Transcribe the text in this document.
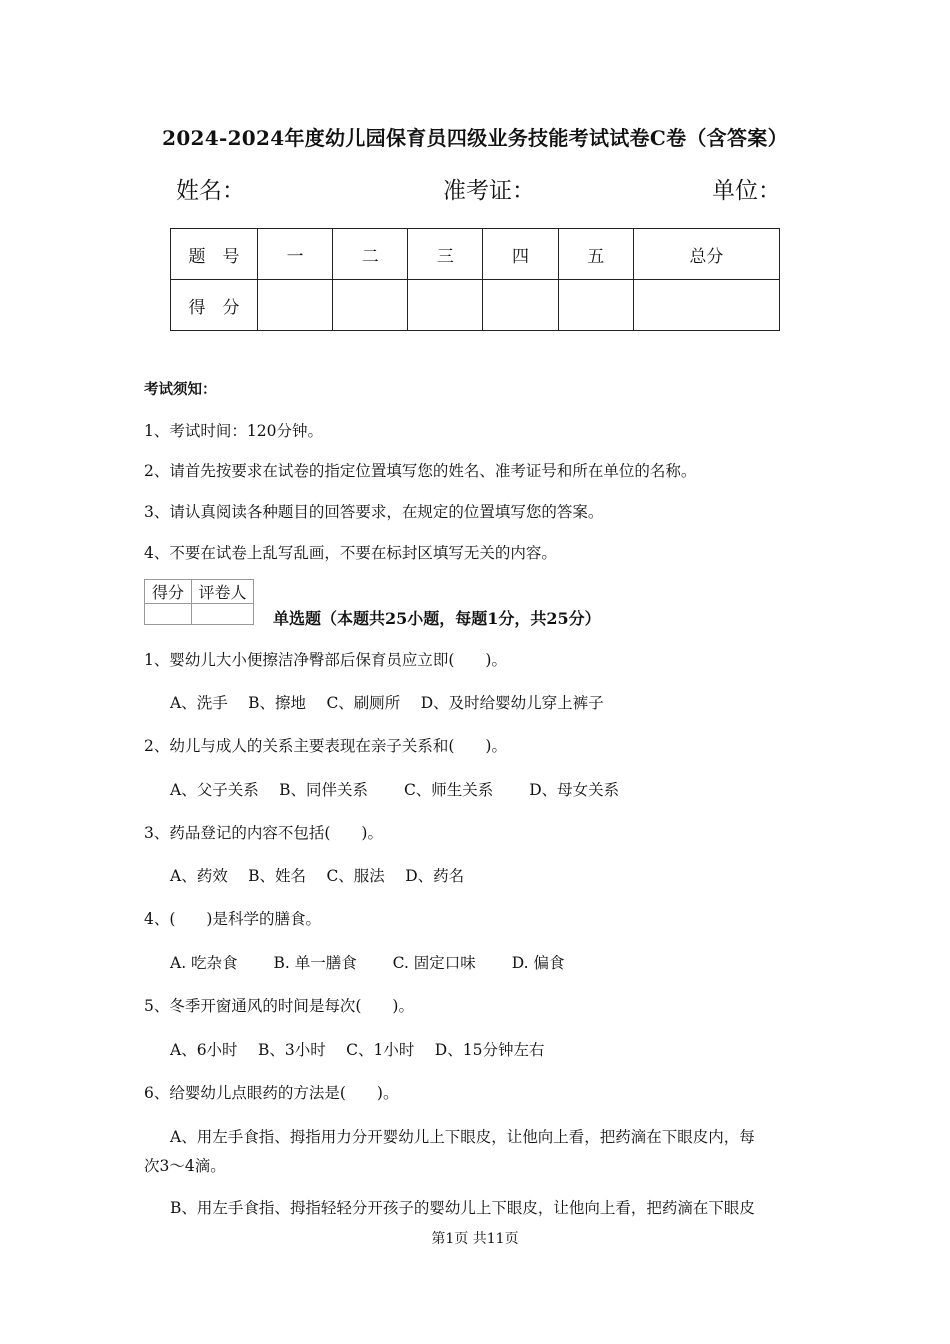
2024-2024年度幼儿园保育员四级业务技能考试试卷C卷（含答案）
姓名：	准考证：	单位：
题　号	一	二	三	四	五	总分
得　分						
考试须知：
1、考试时间：120分钟。
2、请首先按要求在试卷的指定位置填写您的姓名、准考证号和所在单位的名称。
3、请认真阅读各种题目的回答要求，在规定的位置填写您的答案。
4、不要在试卷上乱写乱画，不要在标封区填写无关的内容。
得分	评卷人

单选题（本题共25小题，每题1分，共25分）
1、婴幼儿大小便擦洁净臀部后保育员应立即(　　)。
A、洗手　 B、擦地　 C、刷厕所　 D、及时给婴幼儿穿上裤子
2、幼儿与成人的关系主要表现在亲子关系和(　　)。
A、父子关系　 B、同伴关系　　 C、师生关系　　 D、母女关系
3、药品登记的内容不包括(　　)。
A、药效　 B、姓名　 C、服法　 D、药名
4、(　　)是科学的膳食。
A. 吃杂食　　 B. 单一膳食　　 C. 固定口味　　 D. 偏食
5、冬季开窗通风的时间是每次(　　)。
A、6小时　 B、3小时　 C、1小时　 D、15分钟左右
6、给婴幼儿点眼药的方法是(　　)。
A、用左手食指、拇指用力分开婴幼儿上下眼皮，让他向上看，把药滴在下眼皮内，每
次3～4滴。
B、用左手食指、拇指轻轻分开孩子的婴幼儿上下眼皮，让他向上看，把药滴在下眼皮
第1页 共11页
